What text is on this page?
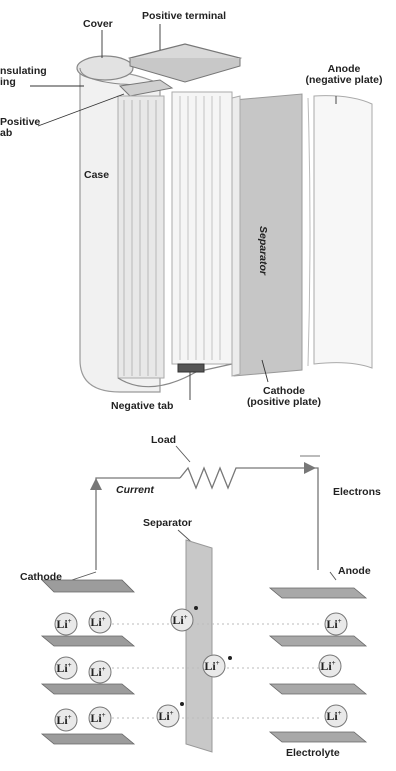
Cover
Positive terminal
nsulating
ing
Positive
ab
Case
Anode
(negative plate)
Separator
Cathode
(positive plate)
Negative tab
Li+ Li+
Li+ Li+
Li+ Li+
Li+
Li+
Li+
Li+
Li+
Li+
Load
Current	Electrons
Separator
Cathode	Anode
Electrolyte
